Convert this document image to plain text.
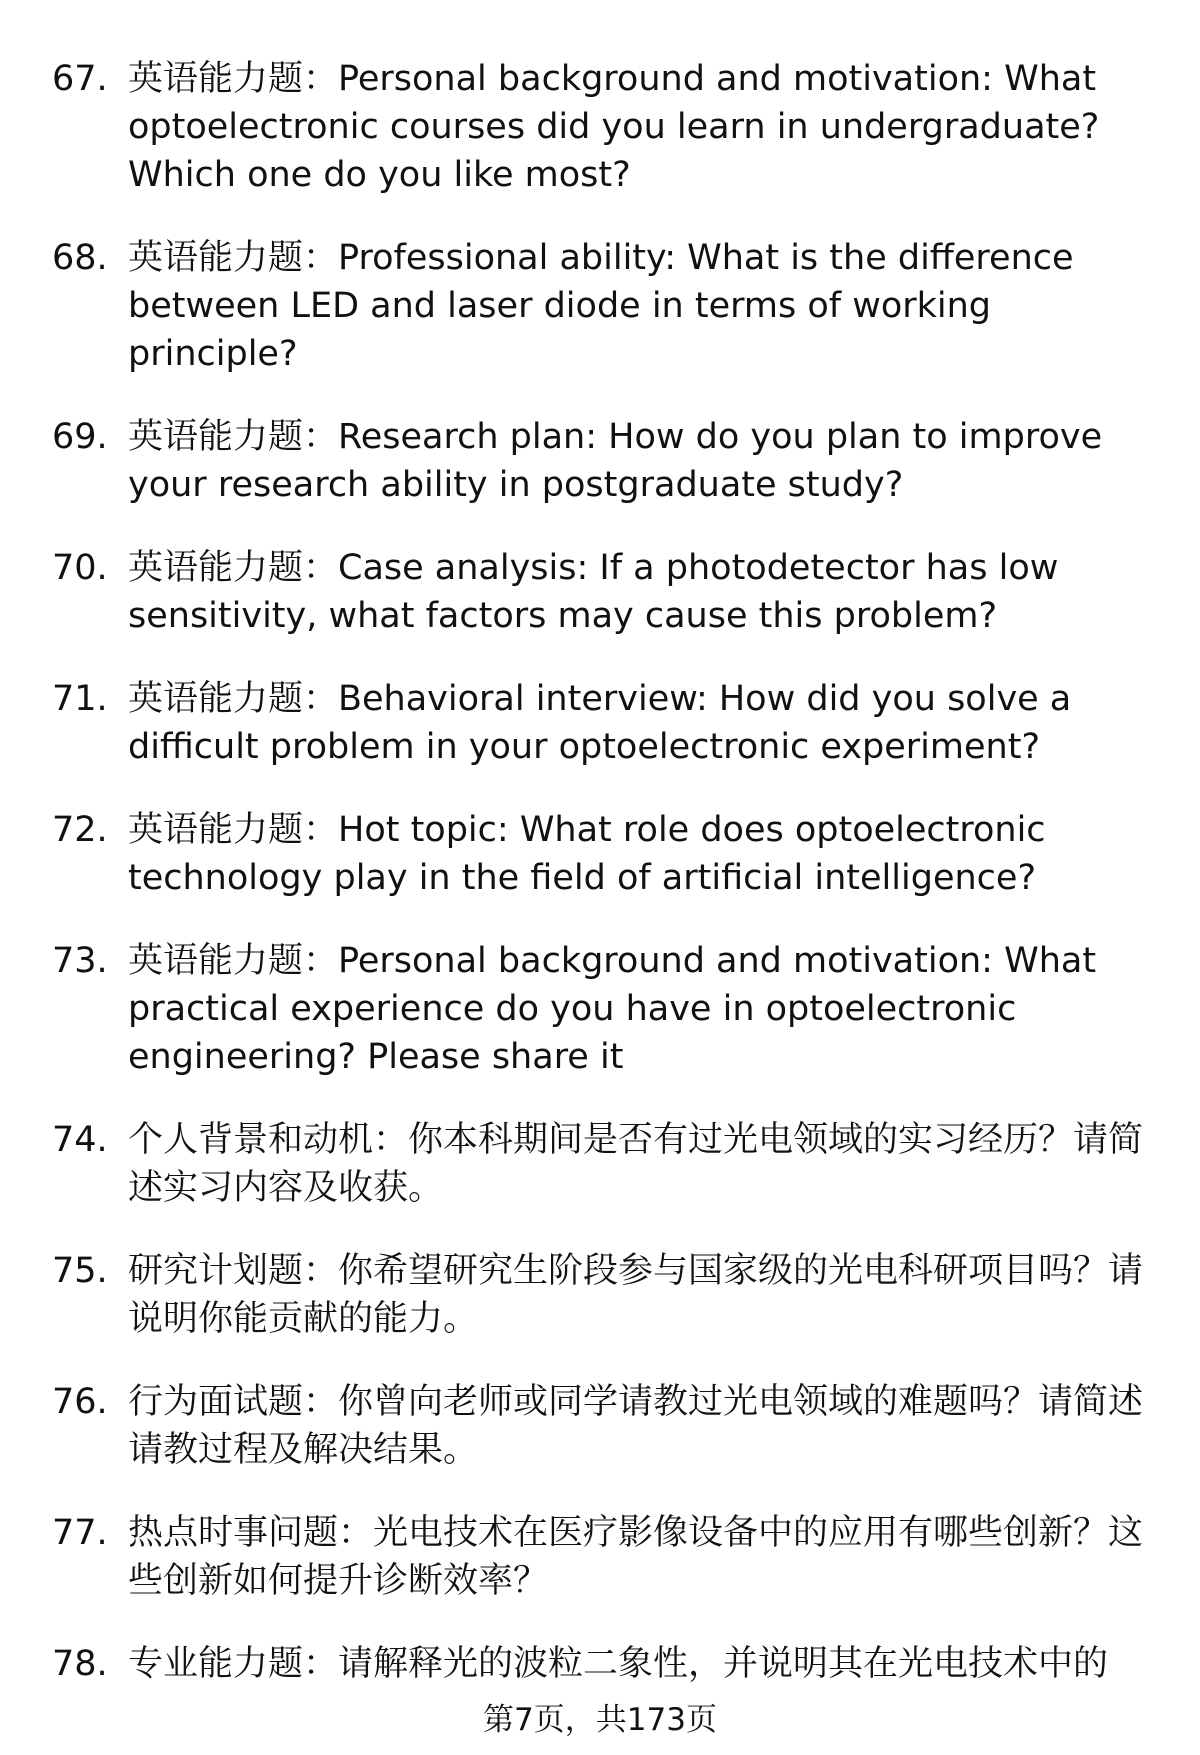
67. 英语能力题：Personal background and motivation: What optoelectronic courses did you learn in undergraduate? Which one do you like most?
68. 英语能力题：Professional ability: What is the difference between LED and laser diode in terms of working principle?
69. 英语能力题：Research plan: How do you plan to improve your research ability in postgraduate study?
70. 英语能力题：Case analysis: If a photodetector has low sensitivity, what factors may cause this problem?
71. 英语能力题：Behavioral interview: How did you solve a difficult problem in your optoelectronic experiment?
72. 英语能力题：Hot topic: What role does optoelectronic technology play in the field of artificial intelligence?
73. 英语能力题：Personal background and motivation: What practical experience do you have in optoelectronic engineering? Please share it
74. 个人背景和动机：你本科期间是否有过光电领域的实习经历？请简述实习内容及收获。
75. 研究计划题：你希望研究生阶段参与国家级的光电科研项目吗？请说明你能贡献的能力。
76. 行为面试题：你曾向老师或同学请教过光电领域的难题吗？请简述请教过程及解决结果。
77. 热点时事问题：光电技术在医疗影像设备中的应用有哪些创新？这些创新如何提升诊断效率？
78. 专业能力题：请解释光的波粒二象性，并说明其在光电技术中的
第7页，共173页
